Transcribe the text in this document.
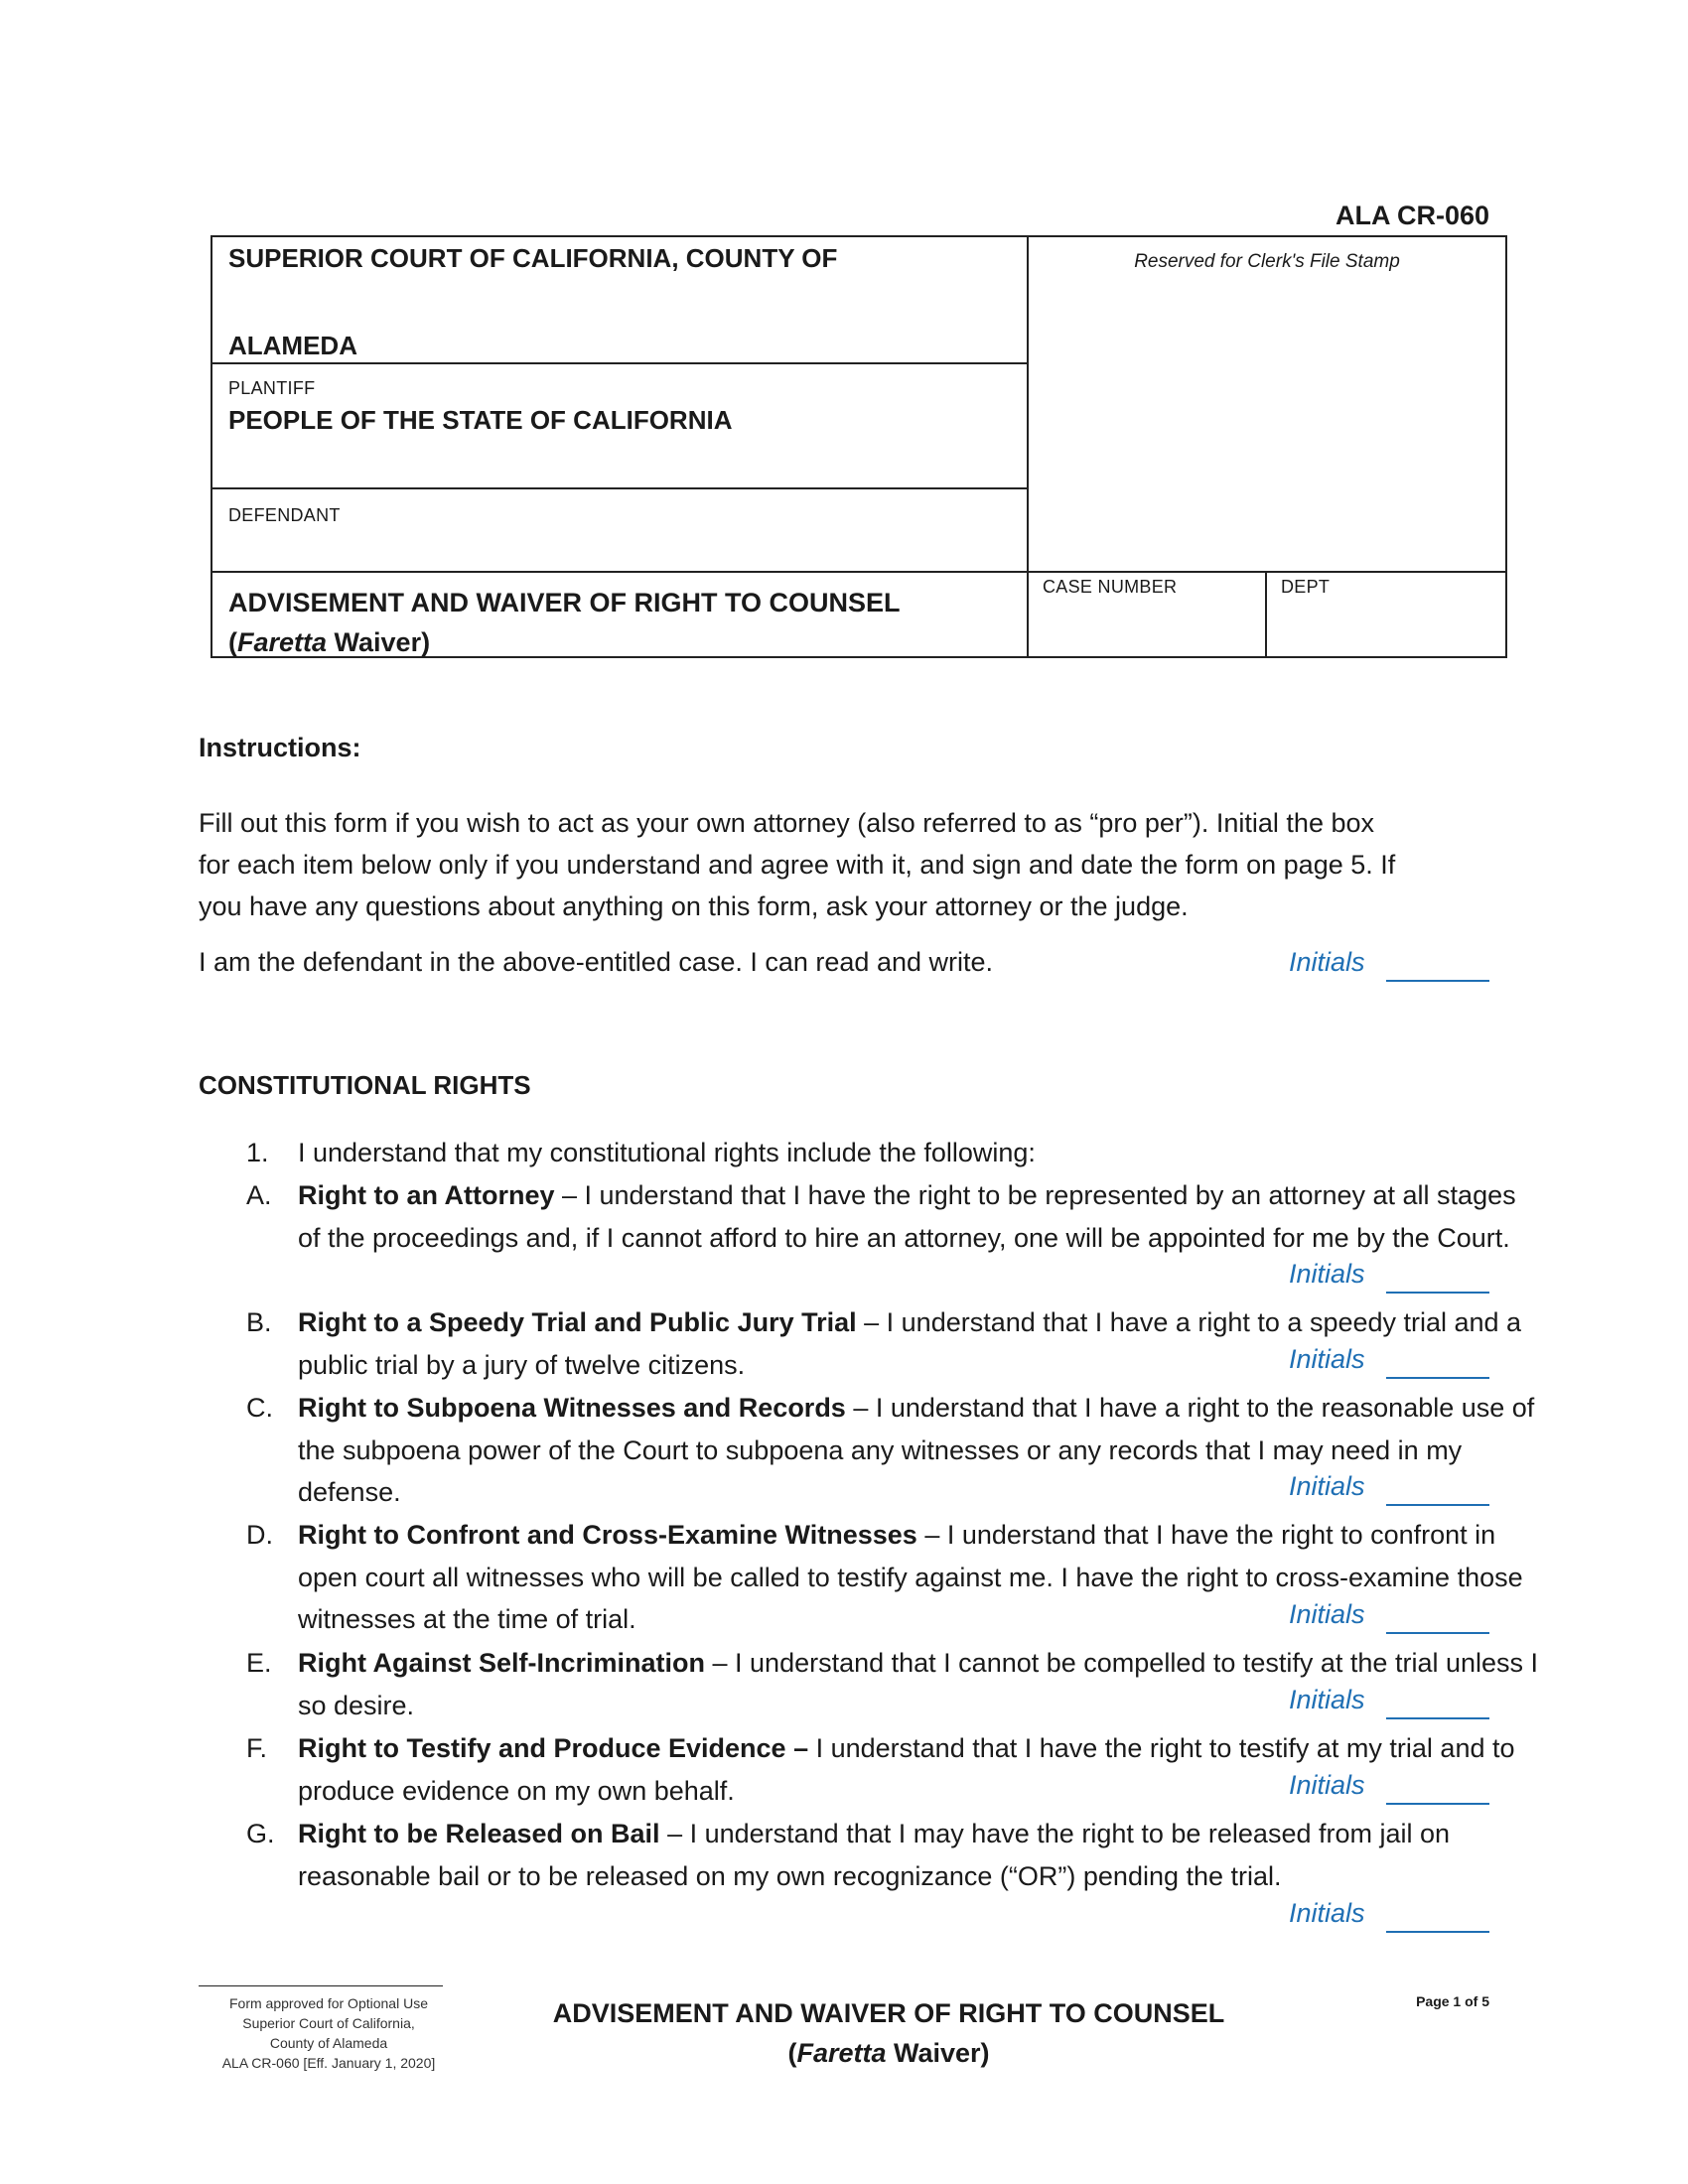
ALA CR-060
SUPERIOR COURT OF CALIFORNIA, COUNTY OF
ALAMEDA
Reserved for Clerk's File Stamp
PLANTIFF
PEOPLE OF THE STATE OF CALIFORNIA
DEFENDANT
ADVISEMENT AND WAIVER OF RIGHT TO COUNSEL
(Faretta Waiver)
CASE NUMBER	DEPT
Instructions:
Fill out this form if you wish to act as your own attorney (also referred to as “pro per”). Initial the box
for each item below only if you understand and agree with it, and sign and date the form on page 5. If
you have any questions about anything on this form, ask your attorney or the judge.
I am the defendant in the above-entitled case. I can read and write.	Initials
CONSTITUTIONAL RIGHTS
1.	I understand that my constitutional rights include the following:
A. Right to an Attorney – I understand that I have the right to be represented by an attorney at all stages of the proceedings and, if I cannot afford to hire an attorney, one will be appointed for me by the Court.
Initials
B. Right to a Speedy Trial and Public Jury Trial – I understand that I have a right to a speedy trial and a public trial by a jury of twelve citizens.	Initials
C. Right to Subpoena Witnesses and Records – I understand that I have a right to the reasonable use of the subpoena power of the Court to subpoena any witnesses or any records that I may need in my defense.	Initials
D. Right to Confront and Cross-Examine Witnesses – I understand that I have the right to confront in open court all witnesses who will be called to testify against me. I have the right to cross-examine those witnesses at the time of trial.	Initials
E. Right Against Self-Incrimination – I understand that I cannot be compelled to testify at the trial unless I so desire.	Initials
F.	Right to Testify and Produce Evidence – I understand that I have the right to testify at my trial and to produce evidence on my own behalf.	Initials
G. Right to be Released on Bail – I understand that I may have the right to be released from jail on reasonable bail or to be released on my own recognizance (“OR”) pending the trial.
Initials
Form approved for Optional Use
Superior Court of California,
County of Alameda
ALA CR-060 [Eff. January 1, 2020]
ADVISEMENT AND WAIVER OF RIGHT TO COUNSEL
(Faretta Waiver)
Page 1 of 5
